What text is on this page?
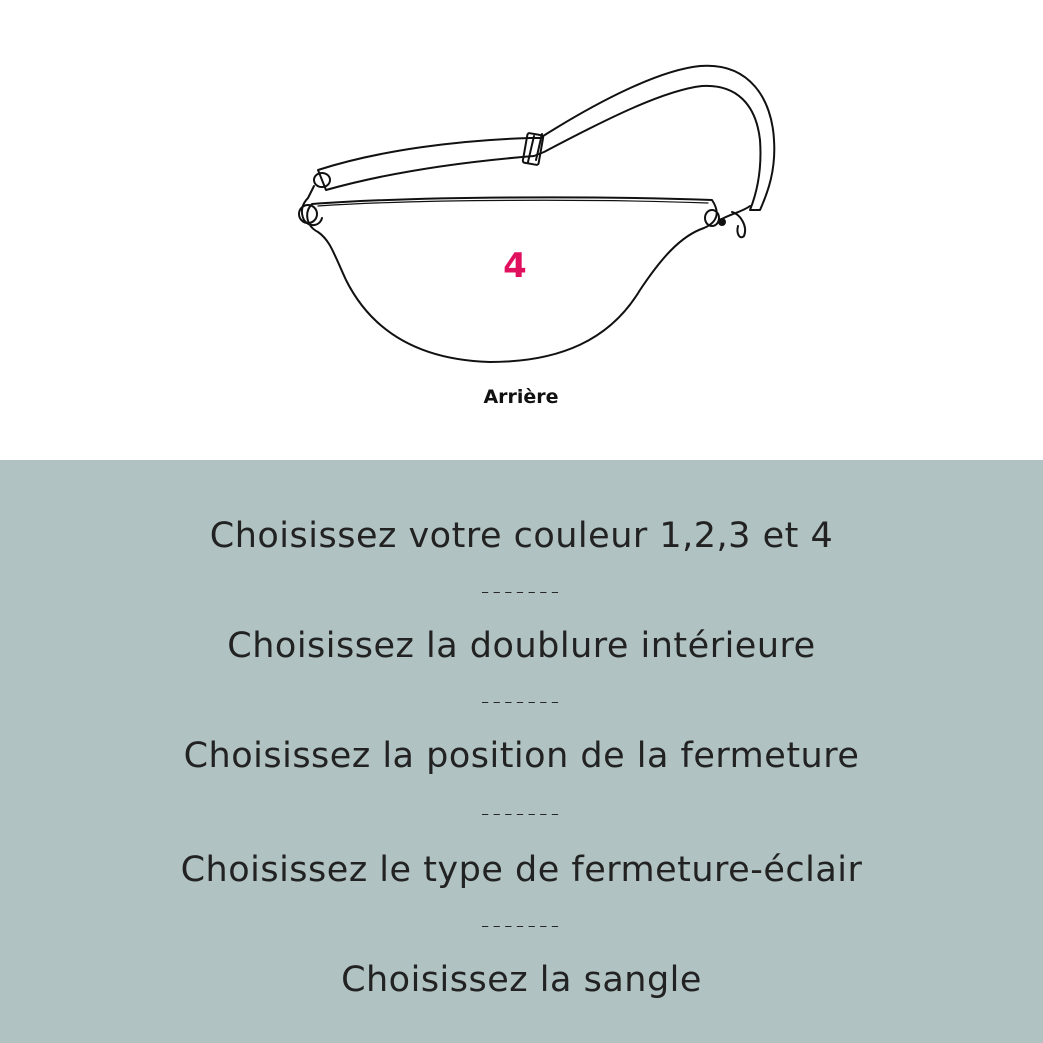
4
Arrière
Choisissez votre couleur 1,2,3 et 4
-------
Choisissez la doublure intérieure
-------
Choisissez la position de la fermeture
-------
Choisissez le type de fermeture-éclair
-------
Choisissez la sangle
